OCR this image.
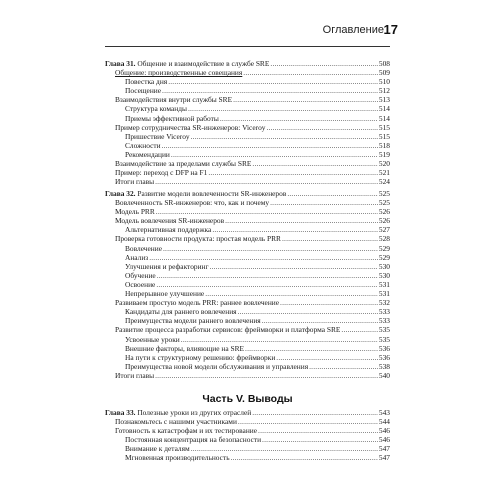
Оглавление 17
Глава 31. Общение и взаимодействие в службе SRE .....	508
Общение: производственные совещания .....	509
Повестка дня .....	510
Посещение .....	512
Взаимодействия внутри службы SRE .....	513
Структура команды .....	514
Приемы эффективной работы .....	514
Пример сотрудничества SR-инженеров: Viceroy .....	515
Пришествие Viceroy .....	515
Сложности .....	518
Рекомендации .....	519
Взаимодействие за пределами службы SRE .....	520
Пример: переход с DFP на F1 .....	521
Итоги главы .....	524
Глава 32. Развитие модели вовлеченности SR-инженеров .....	525
Вовлеченность SR-инженеров: что, как и почему .....	525
Модель PRR .....	526
Модель вовлечения SR-инженеров .....	526
Альтернативная поддержка .....	527
Проверка готовности продукта: простая модель PRR .....	528
Вовлечение .....	529
Анализ .....	529
Улучшения и рефакторинг .....	530
Обучение .....	530
Освоение .....	531
Непрерывное улучшение .....	531
Развиваем простую модель PRR: раннее вовлечение .....	532
Кандидаты для раннего вовлечения .....	533
Преимущества модели раннего вовлечения .....	533
Развитие процесса разработки сервисов: фреймворки и платформа SRE .....	535
Усвоенные уроки .....	535
Внешние факторы, влияющие на SRE .....	536
На пути к структурному решению: фреймворки .....	536
Преимущества новой модели обслуживания и управления .....	538
Итоги главы .....	540
Часть V. Выводы
Глава 33. Полезные уроки из других отраслей .....	543
Познакомьтесь с нашими участниками .....	544
Готовность к катастрофам и их тестирование .....	546
Постоянная концентрация на безопасности .....	546
Внимание к деталям .....	547
Мгновенная производительность .....	547
